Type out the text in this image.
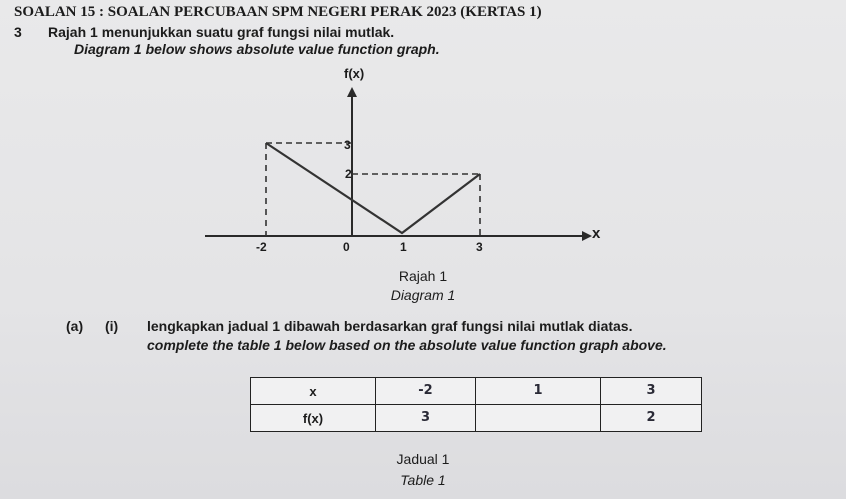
SOALAN 15 : SOALAN PERCUBAAN SPM NEGERI PERAK 2023 (KERTAS 1)
3 Rajah 1 menunjukkan suatu graf fungsi nilai mutlak.
Diagram 1 below shows absolute value function graph.
f(x)
x
-2	0	1	3
3
2
Rajah 1
Diagram 1
(a) (i) lengkapkan jadual 1 dibawah berdasarkan graf fungsi nilai mutlak diatas.
complete the table 1 below based on the absolute value function graph above.
x	-2	1	3
f(x)	3		2
Jadual 1
Table 1
